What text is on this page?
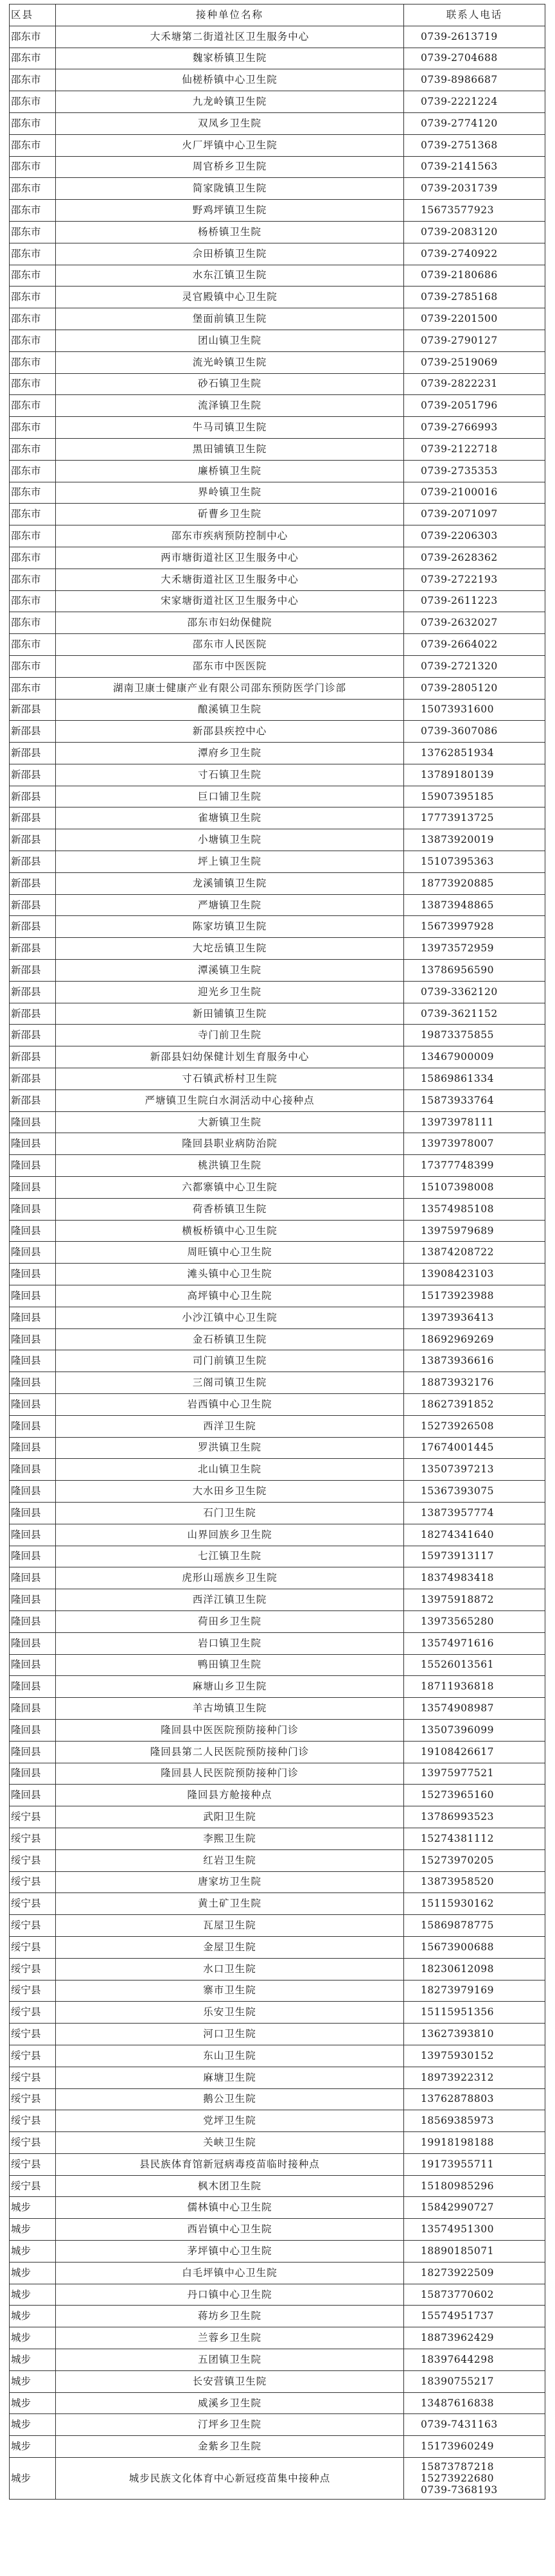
区县	接种单位名称	联系人电话
邵东市	大禾塘第二街道社区卫生服务中心	0739-2613719
邵东市	魏家桥镇卫生院	0739-2704688
邵东市	仙槎桥镇中心卫生院	0739-8986687
邵东市	九龙岭镇卫生院	0739-2221224
邵东市	双凤乡卫生院	0739-2774120
邵东市	火厂坪镇中心卫生院	0739-2751368
邵东市	周官桥乡卫生院	0739-2141563
邵东市	简家陇镇卫生院	0739-2031739
邵东市	野鸡坪镇卫生院	15673577923
邵东市	杨桥镇卫生院	0739-2083120
邵东市	佘田桥镇卫生院	0739-2740922
邵东市	水东江镇卫生院	0739-2180686
邵东市	灵官殿镇中心卫生院	0739-2785168
邵东市	堡面前镇卫生院	0739-2201500
邵东市	团山镇卫生院	0739-2790127
邵东市	流光岭镇卫生院	0739-2519069
邵东市	砂石镇卫生院	0739-2822231
邵东市	流泽镇卫生院	0739-2051796
邵东市	牛马司镇卫生院	0739-2766993
邵东市	黑田铺镇卫生院	0739-2122718
邵东市	廉桥镇卫生院	0739-2735353
邵东市	界岭镇卫生院	0739-2100016
邵东市	斫曹乡卫生院	0739-2071097
邵东市	邵东市疾病预防控制中心	0739-2206303
邵东市	两市塘街道社区卫生服务中心	0739-2628362
邵东市	大禾塘街道社区卫生服务中心	0739-2722193
邵东市	宋家塘街道社区卫生服务中心	0739-2611223
邵东市	邵东市妇幼保健院	0739-2632027
邵东市	邵东市人民医院	0739-2664022
邵东市	邵东市中医医院	0739-2721320
邵东市	湖南卫康士健康产业有限公司邵东预防医学门诊部	0739-2805120
新邵县	酿溪镇卫生院	15073931600
新邵县	新邵县疾控中心	0739-3607086
新邵县	潭府乡卫生院	13762851934
新邵县	寸石镇卫生院	13789180139
新邵县	巨口铺卫生院	15907395185
新邵县	雀塘镇卫生院	17773913725
新邵县	小塘镇卫生院	13873920019
新邵县	坪上镇卫生院	15107395363
新邵县	龙溪铺镇卫生院	18773920885
新邵县	严塘镇卫生院	13873948865
新邵县	陈家坊镇卫生院	15673997928
新邵县	大坨岳镇卫生院	13973572959
新邵县	潭溪镇卫生院	13786956590
新邵县	迎光乡卫生院	0739-3362120
新邵县	新田铺镇卫生院	0739-3621152
新邵县	寺门前卫生院	19873375855
新邵县	新邵县妇幼保健计划生育服务中心	13467900009
新邵县	寸石镇武桥村卫生院	15869861334
新邵县	严塘镇卫生院白水洞活动中心接种点	15873933764
隆回县	大新镇卫生院	13973978111
隆回县	隆回县职业病防治院	13973978007
隆回县	桃洪镇卫生院	17377748399
隆回县	六都寨镇中心卫生院	15107398008
隆回县	荷香桥镇卫生院	13574985108
隆回县	横板桥镇中心卫生院	13975979689
隆回县	周旺镇中心卫生院	13874208722
隆回县	滩头镇中心卫生院	13908423103
隆回县	高坪镇中心卫生院	15173923988
隆回县	小沙江镇中心卫生院	13973936413
隆回县	金石桥镇卫生院	18692969269
隆回县	司门前镇卫生院	13873936616
隆回县	三阁司镇卫生院	18873932176
隆回县	岩西镇中心卫生院	18627391852
隆回县	西洋卫生院	15273926508
隆回县	罗洪镇卫生院	17674001445
隆回县	北山镇卫生院	13507397213
隆回县	大水田乡卫生院	15367393075
隆回县	石门卫生院	13873957774
隆回县	山界回族乡卫生院	18274341640
隆回县	七江镇卫生院	15973913117
隆回县	虎形山瑶族乡卫生院	18374983418
隆回县	西洋江镇卫生院	13975918872
隆回县	荷田乡卫生院	13973565280
隆回县	岩口镇卫生院	13574971616
隆回县	鸭田镇卫生院	15526013561
隆回县	麻塘山乡卫生院	18711936818
隆回县	羊古坳镇卫生院	13574908987
隆回县	隆回县中医医院预防接种门诊	13507396099
隆回县	隆回县第二人民医院预防接种门诊	19108426617
隆回县	隆回县人民医院预防接种门诊	13975977521
隆回县	隆回县方舱接种点	15273965160
绥宁县	武阳卫生院	13786993523
绥宁县	李熙卫生院	15274381112
绥宁县	红岩卫生院	15273970205
绥宁县	唐家坊卫生院	13873958520
绥宁县	黄土矿卫生院	15115930162
绥宁县	瓦屋卫生院	15869878775
绥宁县	金屋卫生院	15673900688
绥宁县	水口卫生院	18230612098
绥宁县	寨市卫生院	18273979169
绥宁县	乐安卫生院	15115951356
绥宁县	河口卫生院	13627393810
绥宁县	东山卫生院	13975930152
绥宁县	麻塘卫生院	18973922312
绥宁县	鹅公卫生院	13762878803
绥宁县	党坪卫生院	18569385973
绥宁县	关峡卫生院	19918198188
绥宁县	县民族体育馆新冠病毒疫苗临时接种点	19173955711
绥宁县	枫木团卫生院	15180985296
城步	儒林镇中心卫生院	15842990727
城步	西岩镇中心卫生院	13574951300
城步	茅坪镇中心卫生院	18890185071
城步	白毛坪镇中心卫生院	18273922509
城步	丹口镇中心卫生院	15873770602
城步	蒋坊乡卫生院	15574951737
城步	兰蓉乡卫生院	18873962429
城步	五团镇卫生院	18397644298
城步	长安营镇卫生院	18390755217
城步	威溪乡卫生院	13487616838
城步	汀坪乡卫生院	0739-7431163
城步	金紫乡卫生院	15173960249
城步	城步民族文化体育中心新冠疫苗集中接种点	15873787218
15273922680
0739-7368193
